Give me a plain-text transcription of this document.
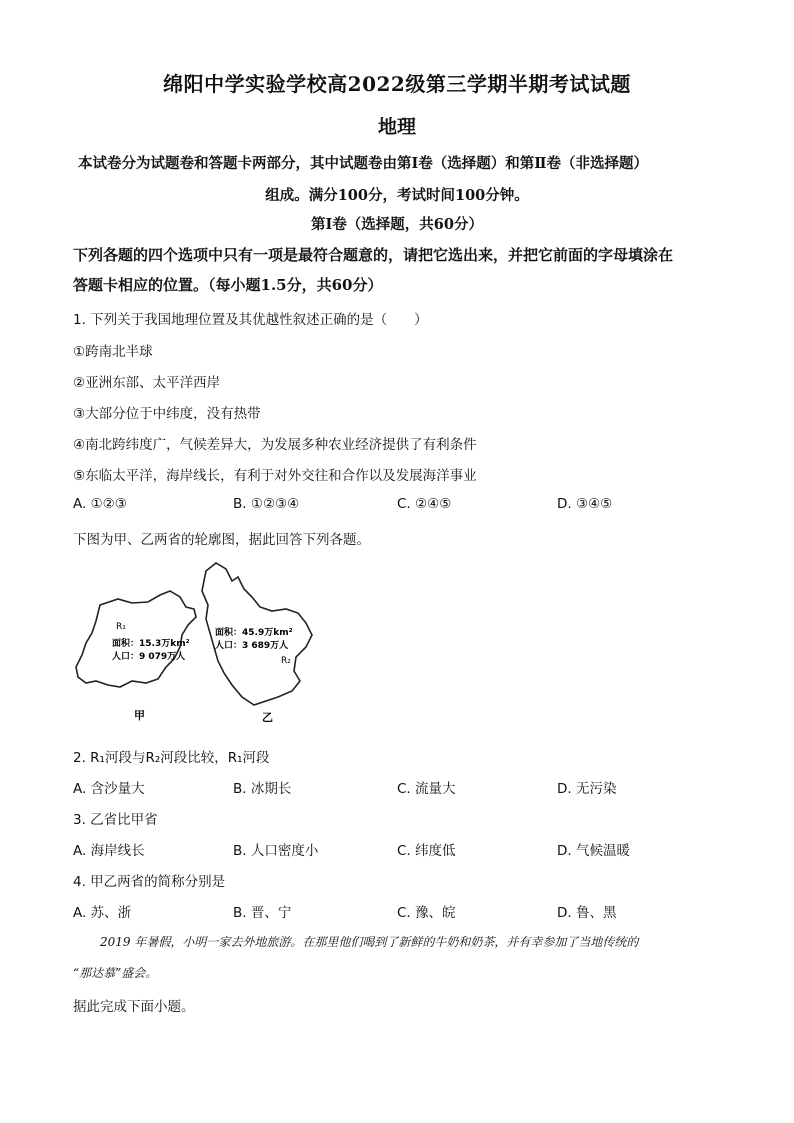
绵阳中学实验学校高2022级第三学期半期考试试题
地理
本试卷分为试题卷和答题卡两部分，其中试题卷由第Ⅰ卷（选择题）和第Ⅱ卷（非选择题）
组成。满分100分，考试时间100分钟。
第Ⅰ卷（选择题，共60分）
下列各题的四个选项中只有一项是最符合题意的，请把它选出来，并把它前面的字母填涂在
答题卡相应的位置。（每小题1.5分，共60分）
1. 下列关于我国地理位置及其优越性叙述正确的是（　　）
①跨南北半球
②亚洲东部、太平洋西岸
③大部分位于中纬度，没有热带
④南北跨纬度广，气候差异大，为发展多种农业经济提供了有利条件
⑤东临太平洋，海岸线长，有利于对外交往和合作以及发展海洋事业
A. ①②③	B. ①②③④	C. ②④⑤	D. ③④⑤
下图为甲、乙两省的轮廓图，据此回答下列各题。
R₁
面积：15.3万km²
人口：9 079万人
甲
面积：45.9万km²
人口：3 689万人
R₂
乙
2. R₁河段与R₂河段比较，R₁河段
A. 含沙量大	B. 冰期长	C. 流量大	D. 无污染
3. 乙省比甲省
A. 海岸线长	B. 人口密度小	C. 纬度低	D. 气候温暖
4. 甲乙两省的简称分别是
A. 苏、浙	B. 晋、宁	C. 豫、皖	D. 鲁、黑
2019 年暑假，小明一家去外地旅游。在那里他们喝到了新鲜的牛奶和奶茶，并有幸参加了当地传统的
“那达慕”盛会。
据此完成下面小题。
